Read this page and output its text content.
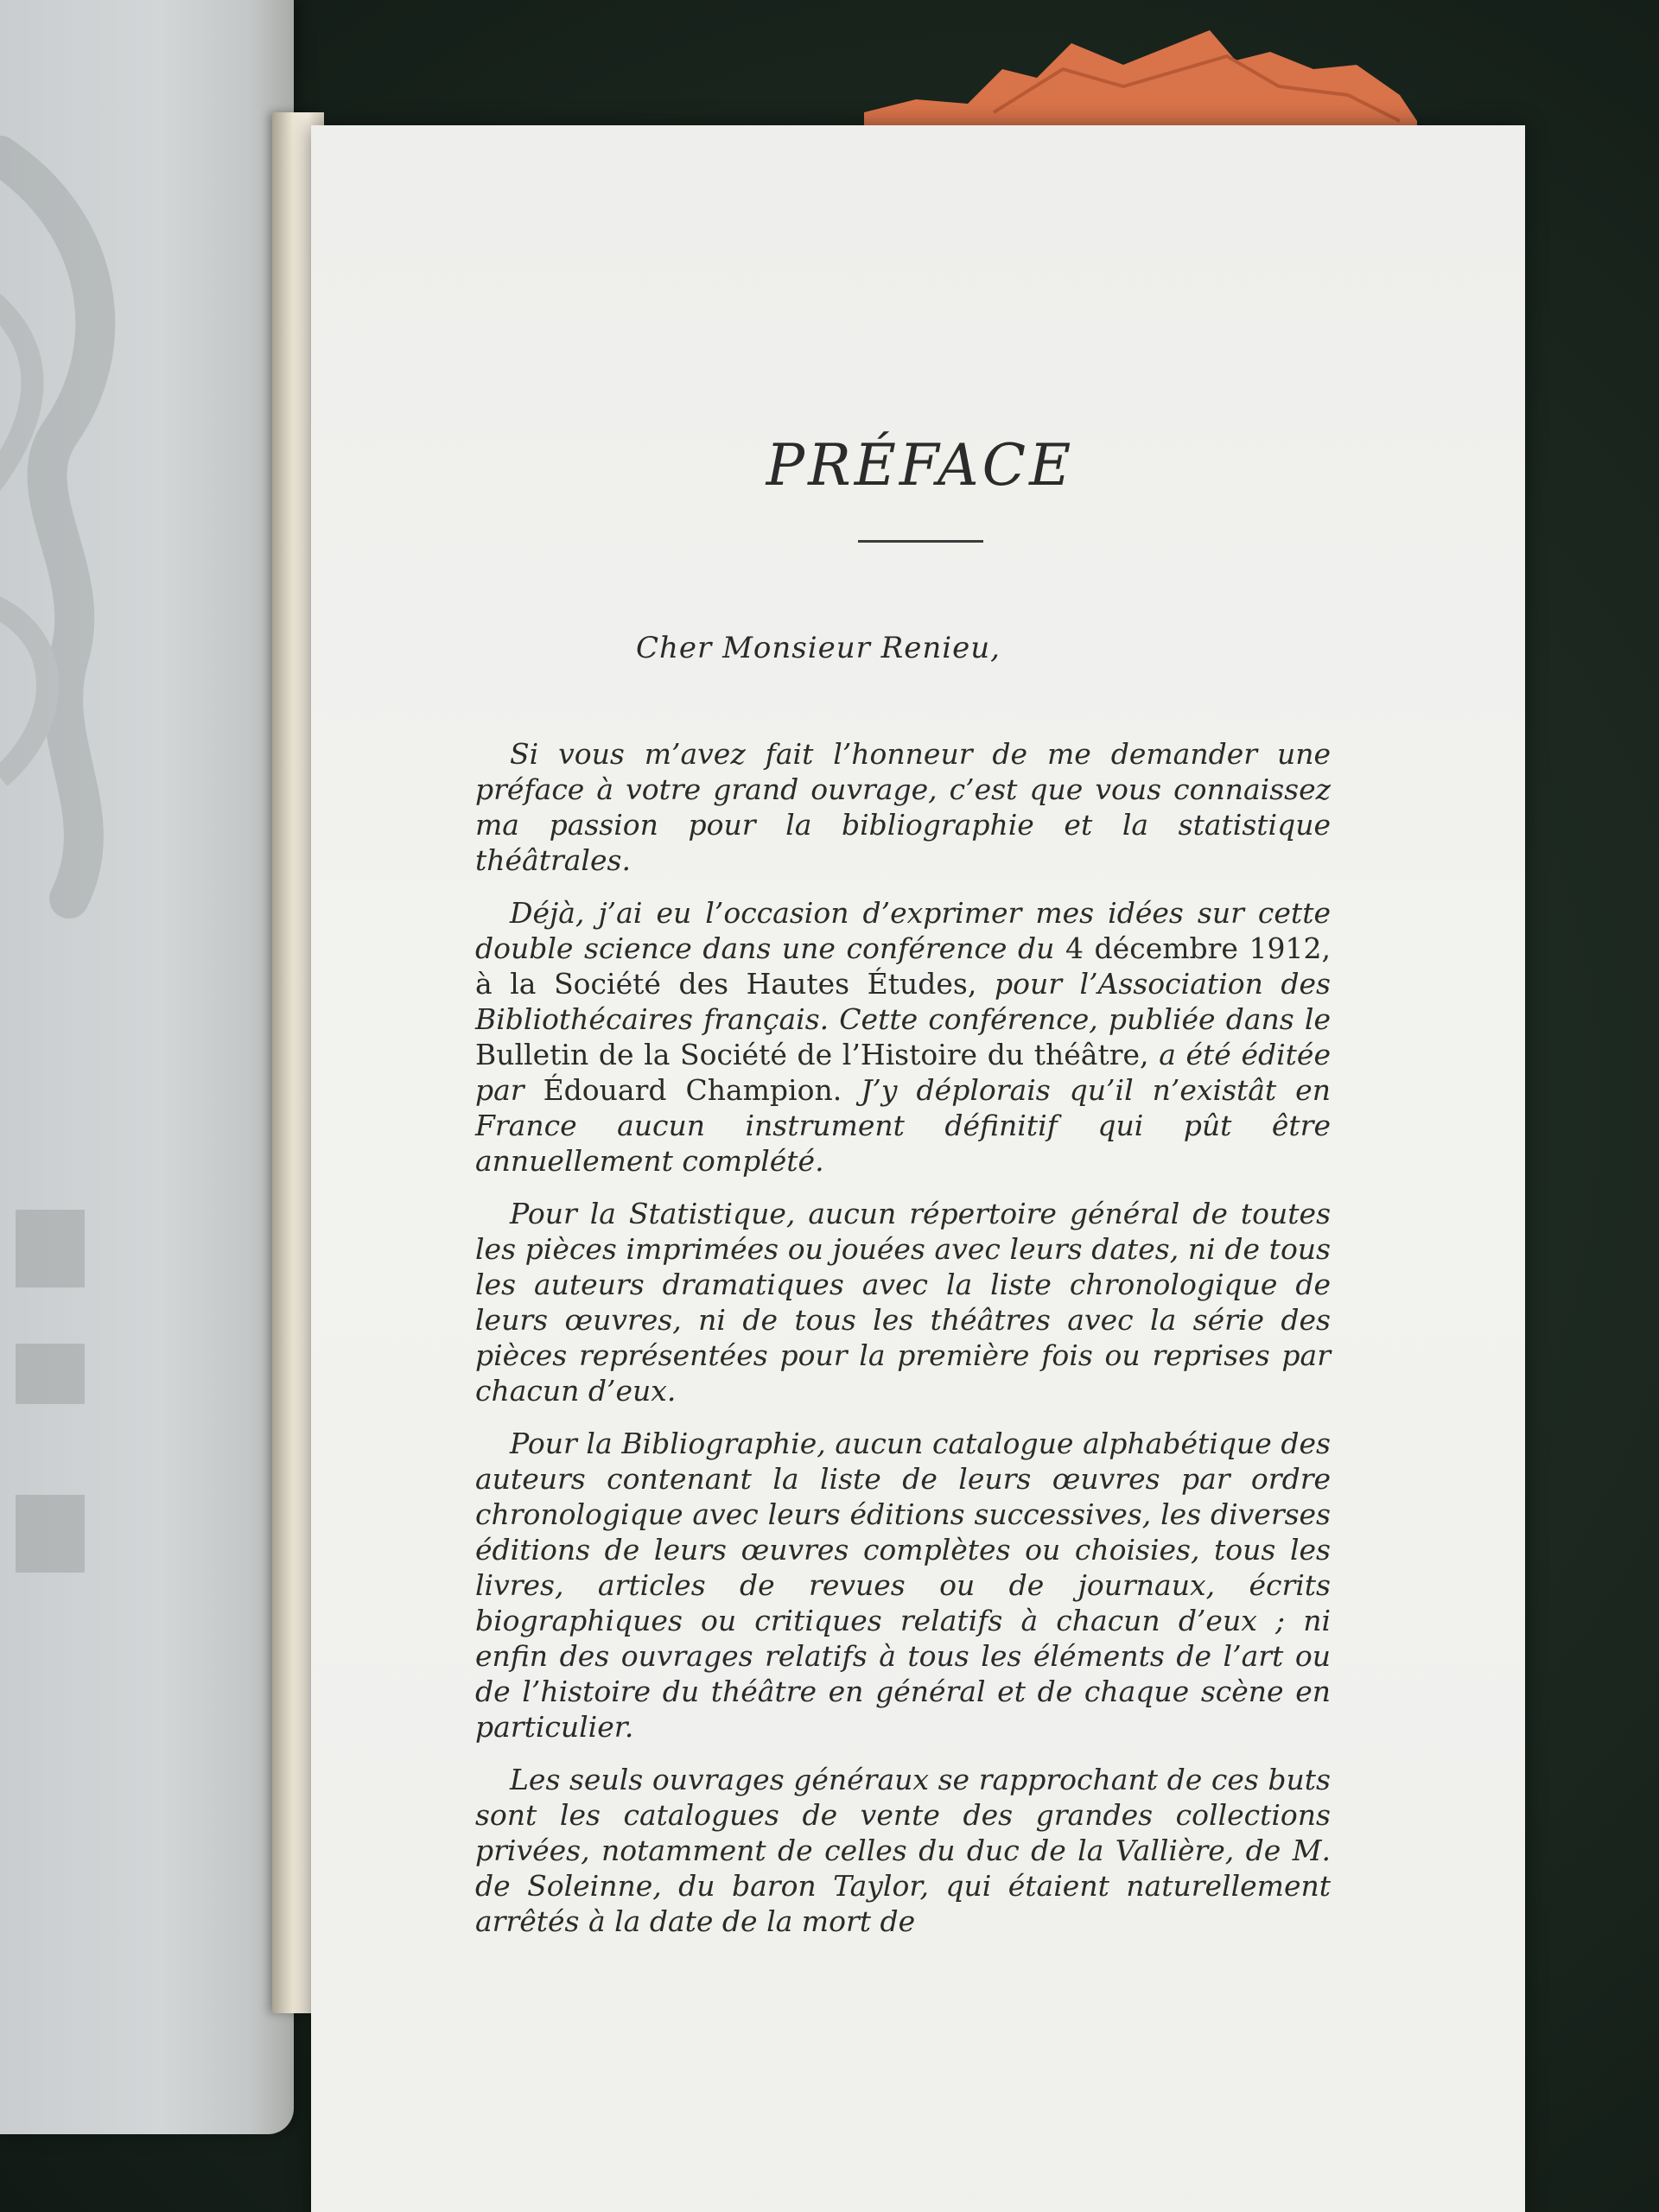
PRÉFACE
Cher Monsieur Renieu,

Si vous m’avez fait l’honneur de me demander une préface à votre grand ouvrage, c’est que vous connaissez ma passion pour la bibliographie et la statistique théâtrales.

Déjà, j’ai eu l’occasion d’exprimer mes idées sur cette double science dans une conférence du 4 décembre 1912, à la Société des Hautes Études, pour l’Association des Bibliothécaires français. Cette conférence, publiée dans le Bulletin de la Société de l’Histoire du théâtre, a été éditée par Édouard Champion. J’y déplorais qu’il n’existât en France aucun instrument définitif qui pût être annuellement complété.

Pour la Statistique, aucun répertoire général de toutes les pièces imprimées ou jouées avec leurs dates, ni de tous les auteurs dramatiques avec la liste chronologique de leurs œuvres, ni de tous les théâtres avec la série des pièces représentées pour la première fois ou reprises par chacun d’eux.

Pour la Bibliographie, aucun catalogue alphabétique des auteurs contenant la liste de leurs œuvres par ordre chronologique avec leurs éditions successives, les diverses éditions de leurs œuvres complètes ou choisies, tous les livres, articles de revues ou de journaux, écrits biographiques ou critiques relatifs à chacun d’eux ; ni enfin des ouvrages relatifs à tous les éléments de l’art ou de l’histoire du théâtre en général et de chaque scène en particulier.

Les seuls ouvrages généraux se rapprochant de ces buts sont les catalogues de vente des grandes collections privées, notamment de celles du duc de la Vallière, de M. de Soleinne, du baron Taylor, qui étaient naturellement arrêtés à la date de la mort de
